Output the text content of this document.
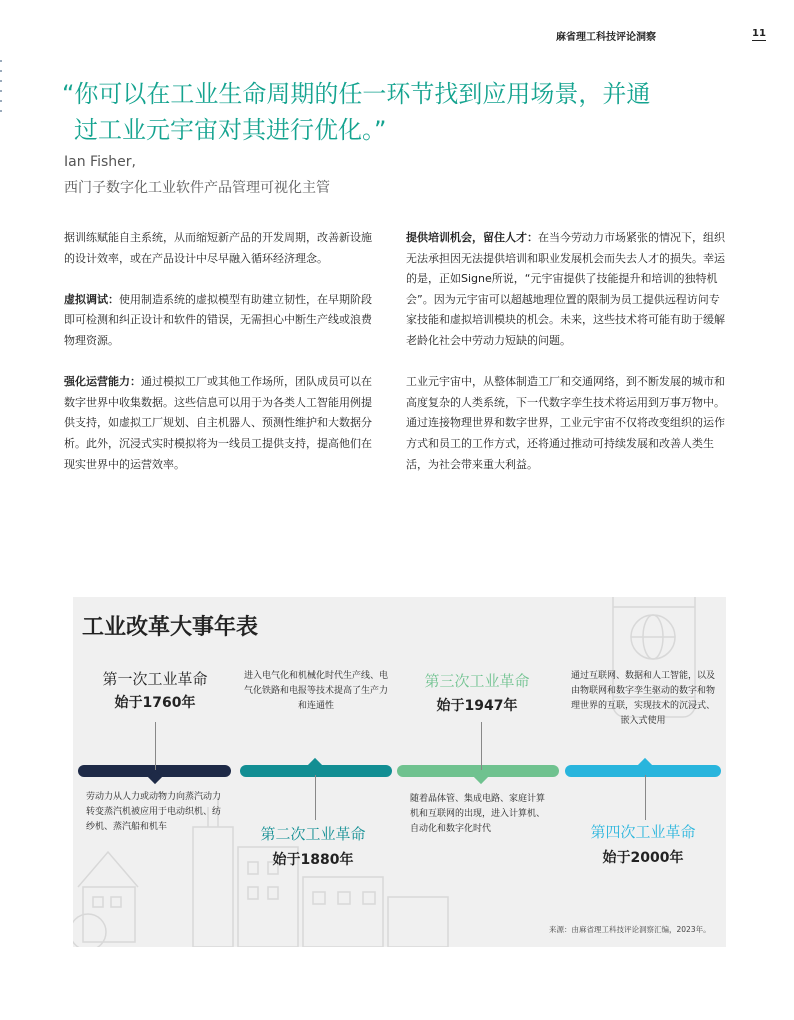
麻省理工科技评论洞察	11
“你可以在工业生命周期的任一环节找到应用场景，并通
过工业元宇宙对其进行优化。”
Ian Fisher,
西门子数字化工业软件产品管理可视化主管

据训练赋能自主系统，从而缩短新产品的开发周期，改善新设施的设计效率，或在产品设计中尽早融入循环经济理念。

虚拟调试：使用制造系统的虚拟模型有助建立韧性，在早期阶段即可检测和纠正设计和软件的错误，无需担心中断生产线或浪费物理资源。

强化运营能力：通过模拟工厂或其他工作场所，团队成员可以在数字世界中收集数据。这些信息可以用于为各类人工智能用例提供支持，如虚拟工厂规划、自主机器人、预测性维护和大数据分析。此外，沉浸式实时模拟将为一线员工提供支持，提高他们在现实世界中的运营效率。

提供培训机会，留住人才：在当今劳动力市场紧张的情况下，组织无法承担因无法提供培训和职业发展机会而失去人才的损失。幸运的是，正如Signe所说，“元宇宙提供了技能提升和培训的独特机会”。因为元宇宙可以超越地理位置的限制为员工提供远程访问专家技能和虚拟培训模块的机会。未来，这些技术将可能有助于缓解老龄化社会中劳动力短缺的问题。

工业元宇宙中，从整体制造工厂和交通网络，到不断发展的城市和高度复杂的人类系统，下一代数字孪生技术将运用到万事万物中。通过连接物理世界和数字世界，工业元宇宙不仅将改变组织的运作方式和员工的工作方式，还将通过推动可持续发展和改善人类生活，为社会带来重大利益。

工业改革大事年表
第一次工业革命
始于1760年
劳动力从人力或动物力向蒸汽动力转变蒸汽机被应用于电动织机、纺纱机、蒸汽船和机车
进入电气化和机械化时代生产线、电气化铁路和电报等技术提高了生产力和连通性
第二次工业革命
始于1880年
第三次工业革命
始于1947年
随着晶体管、集成电路、家庭计算机和互联网的出现，进入计算机、自动化和数字化时代
通过互联网、数据和人工智能，以及由物联网和数字孪生驱动的数字和物理世界的互联，实现技术的沉浸式、嵌入式使用
第四次工业革命
始于2000年
来源：由麻省理工科技评论洞察汇编，2023年。
